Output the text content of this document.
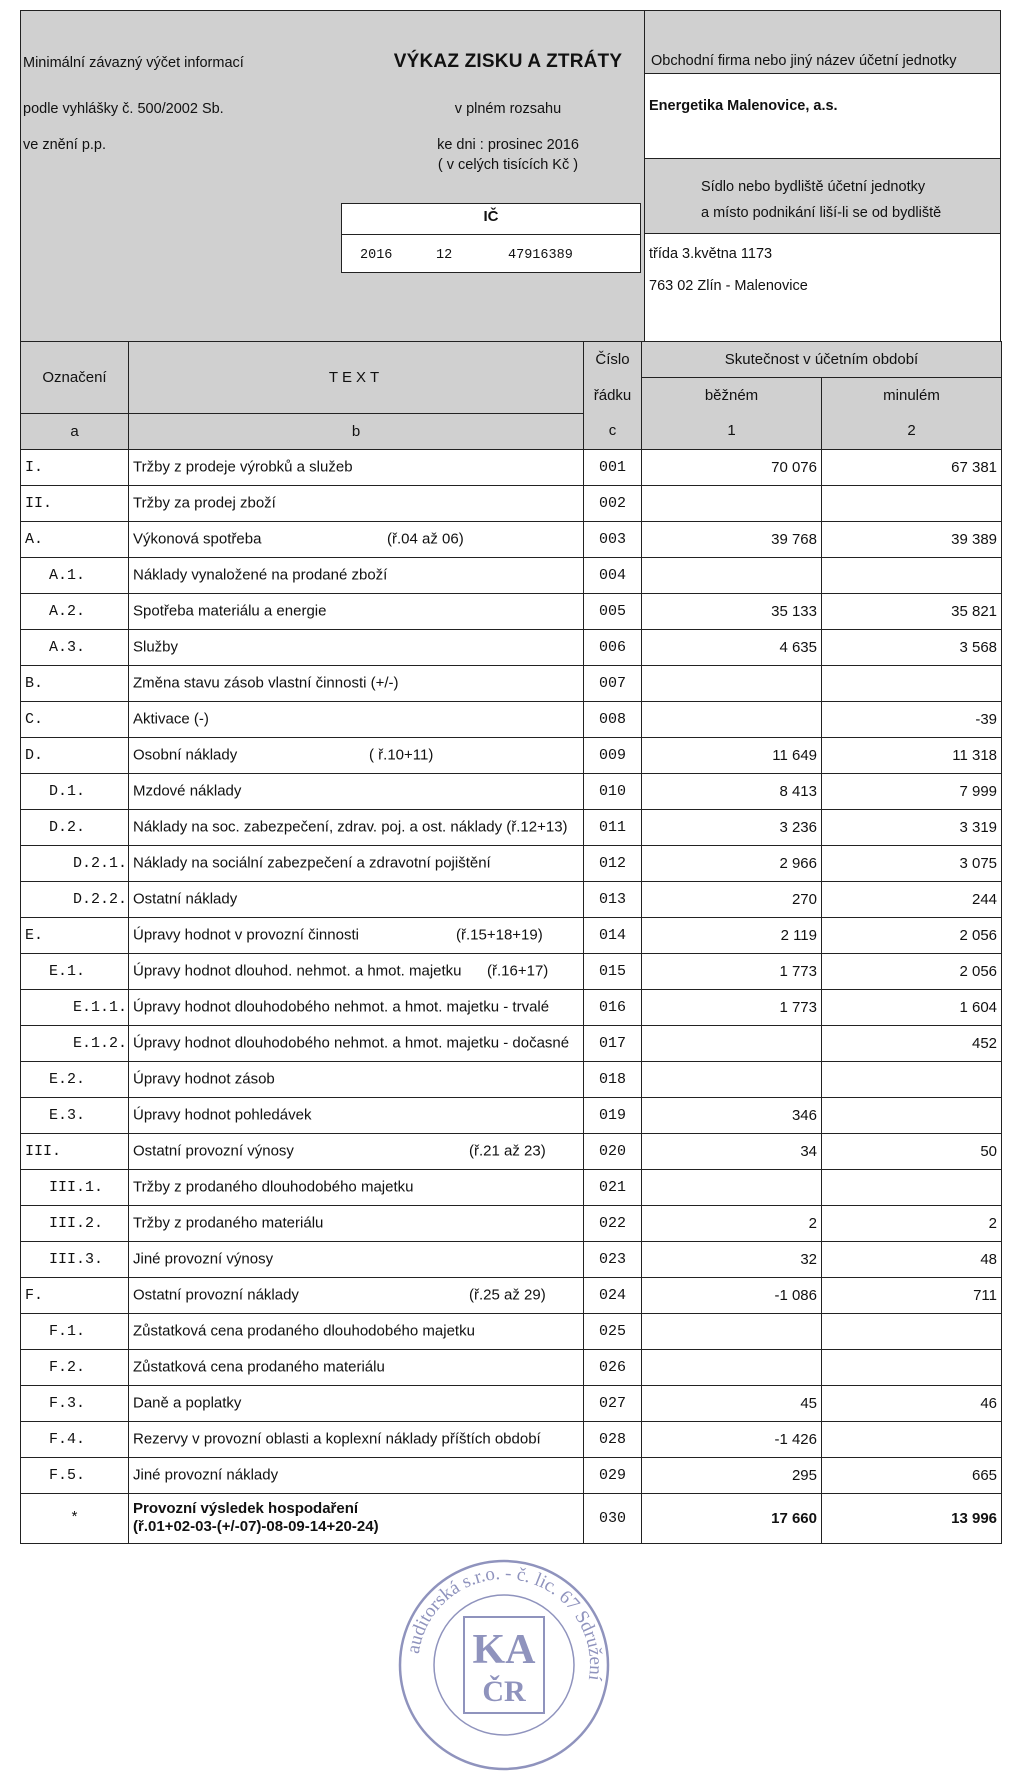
Minimální závazný výčet informací
podle vyhlášky č. 500/2002 Sb.
ve znění p.p.
VÝKAZ ZISKU A ZTRÁTY
v plném rozsahu
ke dni : prosinec 2016
( v celých tisících Kč )
IČ
2016	12	47916389
Obchodní firma nebo jiný název účetní jednotky
Energetika Malenovice, a.s.
Sídlo nebo bydliště účetní jednotky
a místo podnikání liší-li se od bydliště
třída 3.května 1173
763 02 Zlín - Malenovice
Označení	TEXT	Číslo	Skutečnost v účetním období	
		řádku	běžném	minulém
a	b	c	1	2
I.	Tržby z prodeje výrobků a služeb	001	70 076	67 381
II.	Tržby za prodej zboží	002		
A.	Výkonová spotřeba (ř.04 až 06)	003	39 768	39 389
A.1.	Náklady vynaložené na prodané zboží	004		
A.2.	Spotřeba materiálu a energie	005	35 133	35 821
A.3.	Služby	006	4 635	3 568
B.	Změna stavu zásob vlastní činnosti (+/-)	007		
C.	Aktivace (-)	008		-39
D.	Osobní náklady ( ř.10+11)	009	11 649	11 318
D.1.	Mzdové náklady	010	8 413	7 999
D.2.	Náklady na soc. zabezpečení, zdrav. poj. a ost. náklady (ř.12+13)	011	3 236	3 319
D.2.1.	Náklady na sociální zabezpečení a zdravotní pojištění	012	2 966	3 075
D.2.2.	Ostatní náklady	013	270	244
E.	Úpravy hodnot v provozní činnosti (ř.15+18+19)	014	2 119	2 056
E.1.	Úpravy hodnot dlouhod. nehmot. a hmot. majetku (ř.16+17)	015	1 773	2 056
E.1.1.	Úpravy hodnot dlouhodobého nehmot. a hmot. majetku - trvalé	016	1 773	1 604
E.1.2.	Úpravy hodnot dlouhodobého nehmot. a hmot. majetku - dočasné	017		452
E.2.	Úpravy hodnot zásob	018		
E.3.	Úpravy hodnot pohledávek	019	346	
III.	Ostatní provozní výnosy (ř.21 až 23)	020	34	50
III.1.	Tržby z prodaného dlouhodobého majetku	021		
III.2.	Tržby z prodaného materiálu	022	2	2
III.3.	Jiné provozní výnosy	023	32	48
F.	Ostatní provozní náklady (ř.25 až 29)	024	-1 086	711
F.1.	Zůstatková cena prodaného dlouhodobého majetku	025		
F.2.	Zůstatková cena prodaného materiálu	026		
F.3.	Daně a poplatky	027	45	46
F.4.	Rezervy v provozní oblasti a koplexní náklady příštích období	028	-1 426	
F.5.	Jiné provozní náklady	029	295	665
*	Provozní výsledek hospodaření
(ř.01+02-03-(+/-07)-08-09-14+20-24)	030	17 660	13 996
auditorská s.r.o. - č. lic. 67 Sdružení
KA
ČR
